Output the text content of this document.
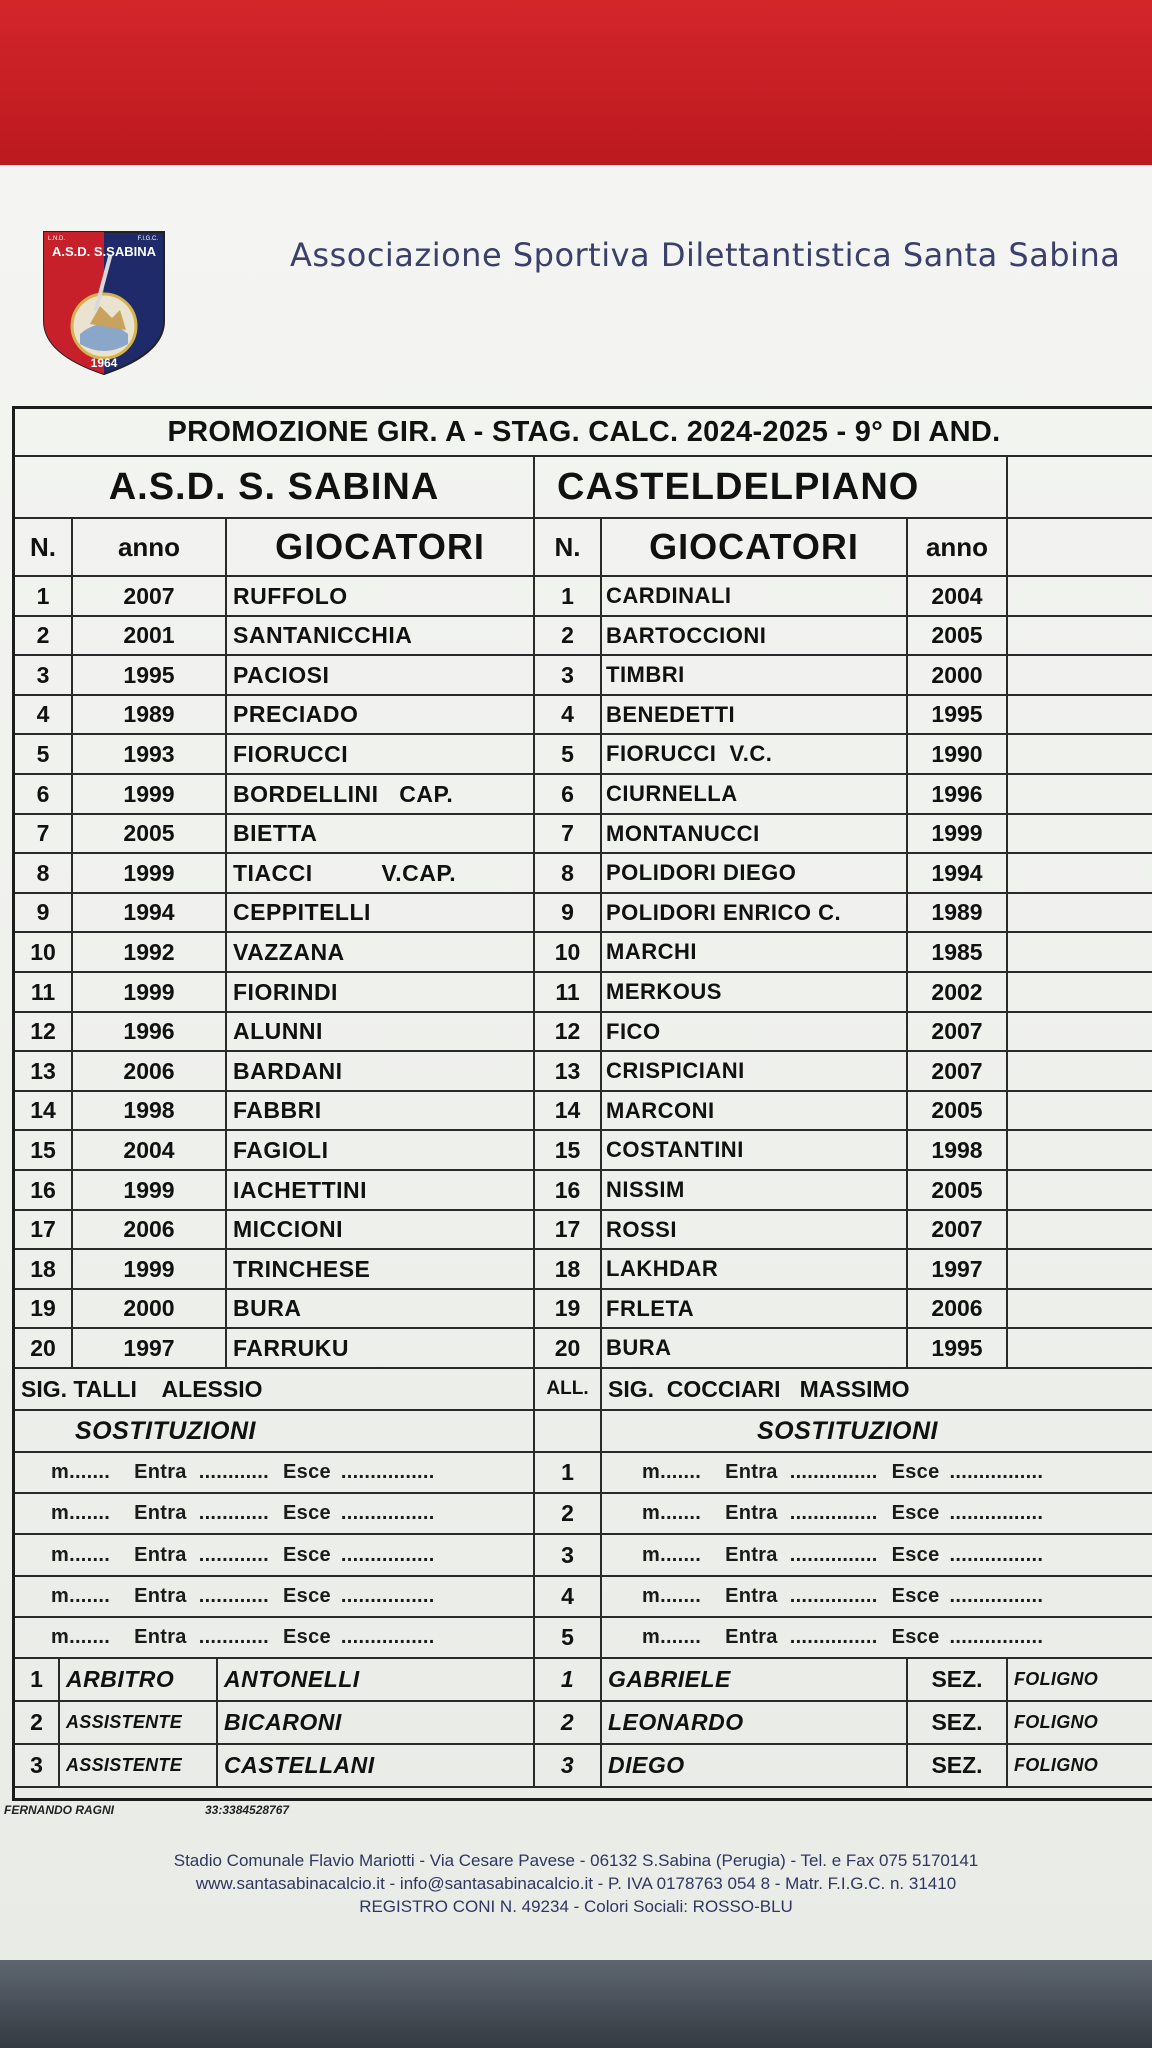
L.N.D.	F.I.G.C.
A.S.D. S.SABINA
1964
Associazione Sportiva Dilettantistica Santa Sabina
PROMOZIONE GIR. A - STAG. CALC. 2024-2025 - 9° DI AND.
A.S.D. S. SABINA	CASTELDELPIANO
N.	anno	GIOCATORI	N.	GIOCATORI	anno
1	2007	RUFFOLO	1	CARDINALI	2004
2	2001	SANTANICCHIA	2	BARTOCCIONI	2005
3	1995	PACIOSI	3	TIMBRI	2000
4	1989	PRECIADO	4	BENEDETTI	1995
5	1993	FIORUCCI	5	FIORUCCI  V.C.	1990
6	1999	BORDELLINI   CAP.	6	CIURNELLA	1996
7	2005	BIETTA	7	MONTANUCCI	1999
8	1999	TIACCI          V.CAP.	8	POLIDORI DIEGO	1994
9	1994	CEPPITELLI	9	POLIDORI ENRICO C.	1989
10	1992	VAZZANA	10	MARCHI	1985
11	1999	FIORINDI	11	MERKOUS	2002
12	1996	ALUNNI	12	FICO	2007
13	2006	BARDANI	13	CRISPICIANI	2007
14	1998	FABBRI	14	MARCONI	2005
15	2004	FAGIOLI	15	COSTANTINI	1998
16	1999	IACHETTINI	16	NISSIM	2005
17	2006	MICCIONI	17	ROSSI	2007
18	1999	TRINCHESE	18	LAKHDAR	1997
19	2000	BURA	19	FRLETA	2006
20	1997	FARRUKU	20	BURA	1995
SIG. TALLI    ALESSIO	ALL. SIG.  COCCIARI   MASSIMO
SOSTITUZIONI	SOSTITUZIONI
m....... Entra ............ Esce ................	1	m....... Entra ............... Esce ................
m....... Entra ............ Esce ................	2	m....... Entra ............... Esce ................
m....... Entra ............ Esce ................	3	m....... Entra ............... Esce ................
m....... Entra ............ Esce ................	4	m....... Entra ............... Esce ................
m....... Entra ............ Esce ................	5	m....... Entra ............... Esce ................
1	ARBITRO	ANTONELLI	1	GABRIELE	SEZ.	FOLIGNO
2	ASSISTENTE	BICARONI	2	LEONARDO	SEZ.	FOLIGNO
3	ASSISTENTE	CASTELLANI	3	DIEGO	SEZ.	FOLIGNO
FERNANDO RAGNI	33:3384528767
Stadio Comunale Flavio Mariotti - Via Cesare Pavese - 06132 S.Sabina (Perugia) - Tel. e Fax 075 5170141
www.santasabinacalcio.it - info@santasabinacalcio.it - P. IVA 0178763 054 8 - Matr. F.I.G.C. n. 31410
REGISTRO CONI N. 49234 - Colori Sociali: ROSSO-BLU
